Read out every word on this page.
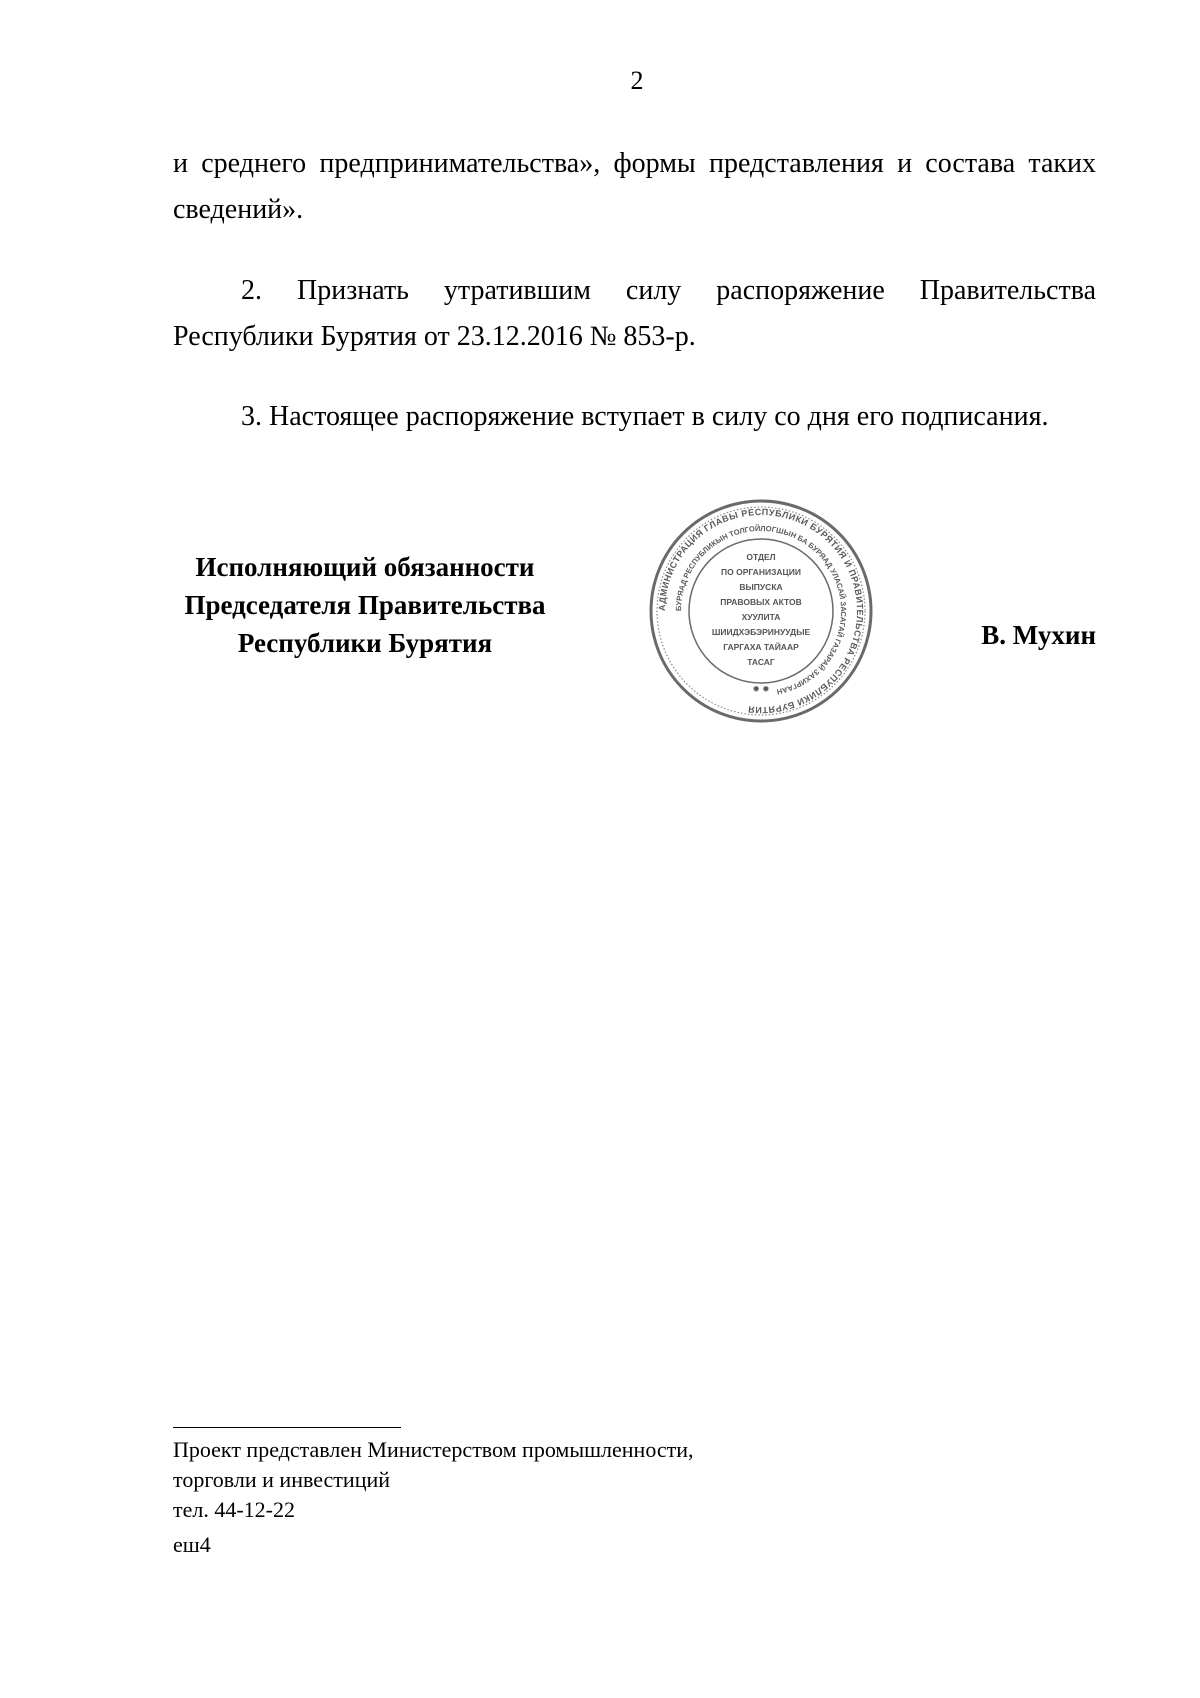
2

и среднего предпринимательства», формы представления и состава таких сведений».

2. Признать утратившим силу распоряжение Правительства Республики Бурятия от 23.12.2016 № 853-р.

3. Настоящее распоряжение вступает в силу со дня его подписания.

Исполняющий обязанности
Председателя Правительства
Республики Бурятия
АДМИНИСТРАЦИЯ ГЛАВЫ РЕСПУБЛИКИ БУРЯТИЯ И ПРАВИТЕЛЬСТВА РЕСПУБЛИКИ БУРЯТИЯ
БУРЯАД РЕСПУБЛИКЫН ТОЛГОЙЛОГШЫН БА БУРЯАД УЛАСАЙ ЗАСАГАЙ ГАЗАРАЙ ЗАХИРГААН
✹ ✹
ОТДЕЛ
ПО ОРГАНИЗАЦИИ
ВЫПУСКА
ПРАВОВЫХ АКТОВ
ХУУЛИТА
ШИИДХЭБЭРИНУУДЫЕ
ГАРГАХА ТАЙААР
ТАСАГ
В. Мухин
Проект представлен Министерством промышленности,
торговли и инвестиций
тел. 44-12-22
еш4
